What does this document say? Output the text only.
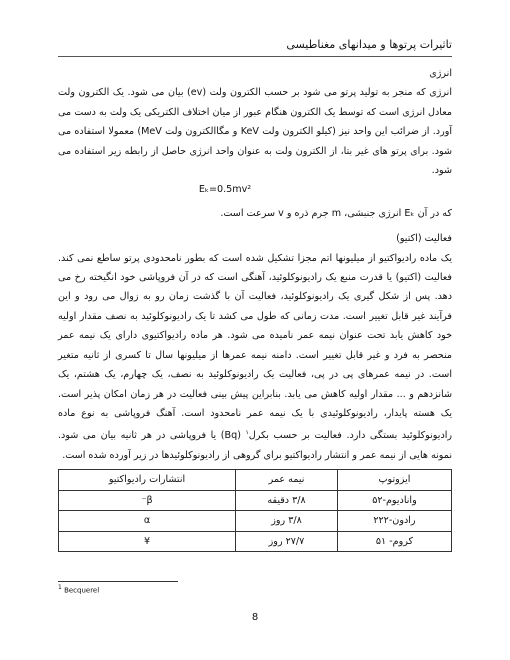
تاثیرات پرتوها و میدانهای مغناطیسی

انرژی

انرژی که منجر به تولید پرتو می شود بر حسب الکترون ولت (ev) بیان می شود. یک الکترون ولت معادل انرژی است که توسط یک الکترون هنگام عبور از میان اختلاف الکتریکی یک ولت به دست می آورد. از ضرائب این واحد نیز (کیلو الکترون ولت KeV و مگاالکترون ولت MeV) معمولا استفاده می شود. برای پرتو های غیر بتا، از الکترون ولت به عنوان واحد انرژی حاصل از رابطه زیر استفاده می شود.

Eₖ=0.5mv²

که در آن Eₖ انرژی جنبشی، m جرم ذره و v سرعت است.

فعالیت (اکتیو)

یک ماده رادیواکتیو از میلیونها اتم مجزا تشکیل شده است که بطور نامحدودی پرتو ساطع نمی کند. فعالیت (اکتیو) یا قدرت منبع یک رادیونوکلوئید، آهنگی است که در آن فروپاشی خود انگیخته رخ می دهد. پس از شکل گیری یک رادیونوکلوئید، فعالیت آن با گذشت زمان رو به زوال می رود و این فرآیند غیر قابل تغییر است. مدت زمانی که طول می کشد تا یک رادیونوکلوئید به نصف مقدار اولیه خود کاهش یابد تحت عنوان نیمه عمر نامیده می شود. هر ماده رادیواکتیوی دارای یک نیمه عمر منحصر به فرد و غیر قابل تغییر است. دامنه نیمه عمرها از میلیونها سال تا کسری از ثانیه متغیر است. در نیمه عمرهای پی در پی، فعالیت یک رادیونوکلوئید به نصف، یک چهارم، یک هشتم، یک شانزدهم و ... مقدار اولیه کاهش می یابد. بنابراین پیش بینی فعالیت در هر زمان امکان پذیر است. یک هسته پایدار، رادیونوکلوئیدی با یک نیمه عمر نامحدود است. آهنگ فروپاشی به نوع ماده رادیونوکلوئید بستگی دارد. فعالیت بر حسب بکرل$^۱$ (Bq) یا فروپاشی در هر ثانیه بیان می شود. نمونه هایی از نیمه عمر و انتشار رادیواکتیو برای گروهی از رادیونوکلوئیدها در زیر آورده شده است.

ایزوتوپ	نیمه عمر	انتشارات رادیواکتیو
وانادیوم-۵۲	۳/۸ دقیقه	β⁻
رادون-۲۲۲	۳/۸ روز	α
کروم- ۵۱	۲۷/۷ روز	¥
$^1$ Becquerel
8
